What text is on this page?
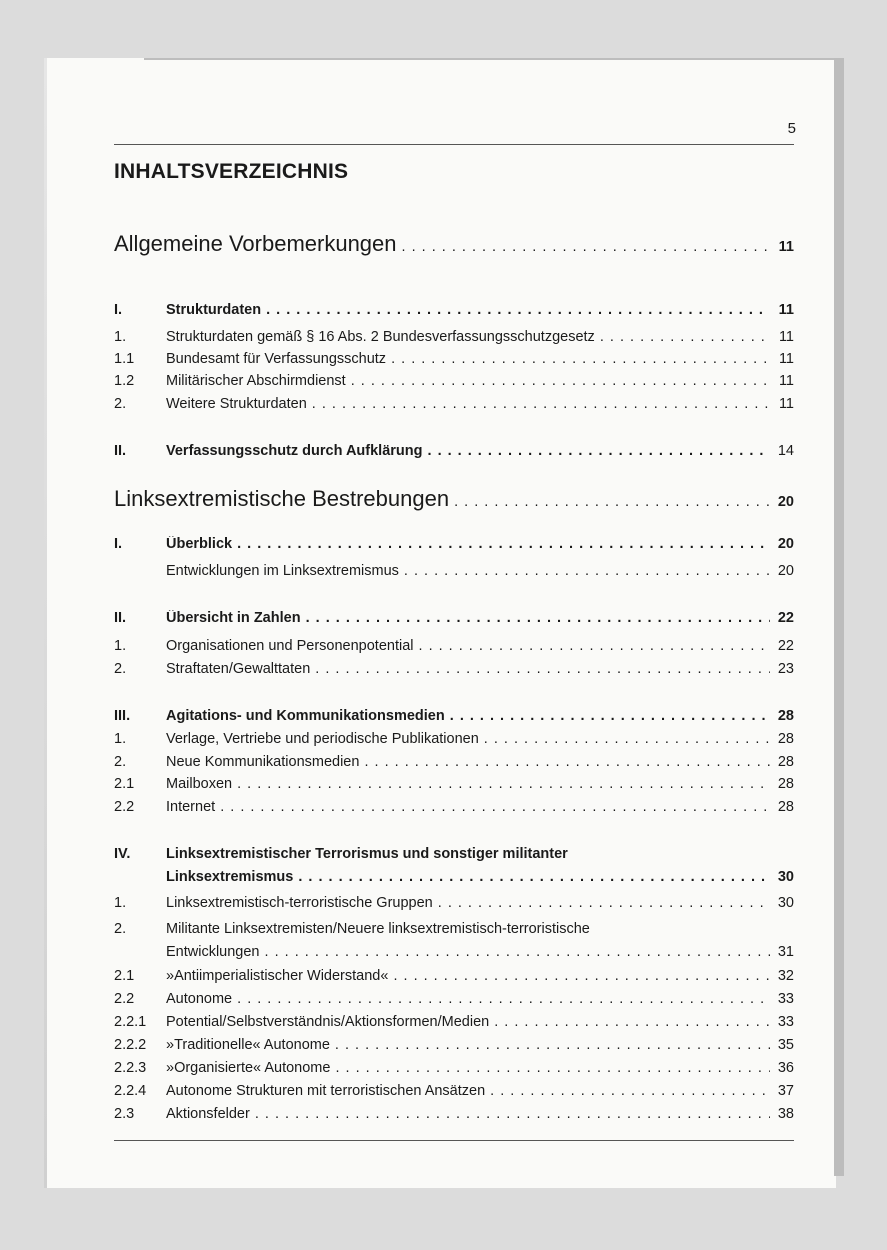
5
INHALTSVERZEICHNIS
Allgemeine Vorbemerkungen . . .	11
I.	Strukturdaten . . .	11
1.	Strukturdaten gemäß § 16 Abs. 2 Bundesverfassungsschutzgesetz . . .	11
1.1	Bundesamt für Verfassungsschutz . . .	11
1.2	Militärischer Abschirmdienst . . .	11
2.	Weitere Strukturdaten . . .	11
II.	Verfassungsschutz durch Aufklärung . . .	14
Linksextremistische Bestrebungen . . .	20
I.	Überblick . . .	20
Entwicklungen im Linksextremismus . . .	20
II.	Übersicht in Zahlen . . .	22
1.	Organisationen und Personenpotential . . .	22
2.	Straftaten/Gewalttaten . . .	23
III.	Agitations- und Kommunikationsmedien . . .	28
1.	Verlage, Vertriebe und periodische Publikationen . . .	28
2.	Neue Kommunikationsmedien . . .	28
2.1	Mailboxen . . .	28
2.2	Internet . . .	28
IV.	Linksextremistischer Terrorismus und sonstiger militanter
Linksextremismus . . .	30
1.	Linksextremistisch-terroristische Gruppen . . .	30
2.	Militante Linksextremisten/Neuere linksextremistisch-terroristische
Entwicklungen . . .	31
2.1	»Antiimperialistischer Widerstand« . . .	32
2.2	Autonome . . .	33
2.2.1	Potential/Selbstverständnis/Aktionsformen/Medien . . .	33
2.2.2	»Traditionelle« Autonome . . .	35
2.2.3	»Organisierte« Autonome . . .	36
2.2.4	Autonome Strukturen mit terroristischen Ansätzen . . .	37
2.3	Aktionsfelder . . .	38
